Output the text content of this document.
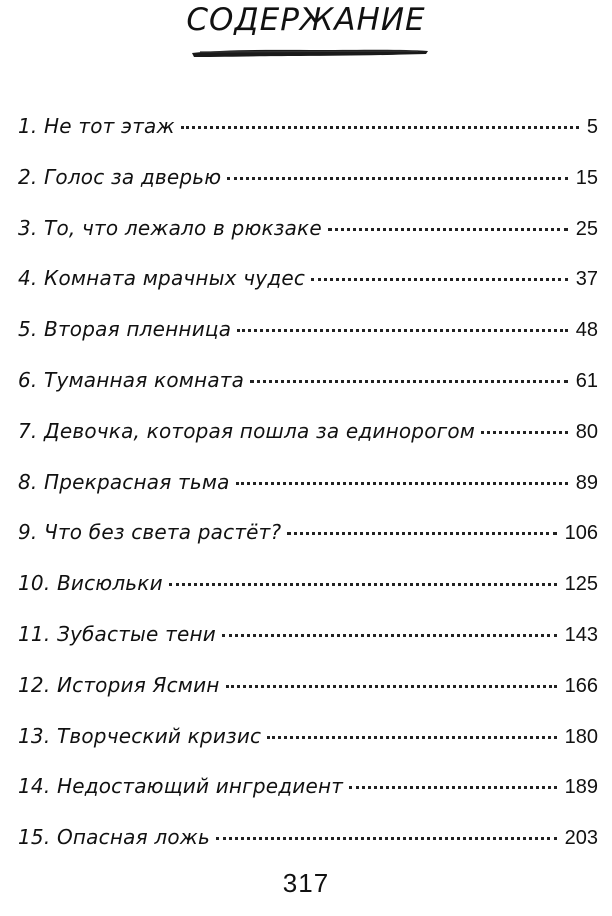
СОДЕРЖАНИЕ
1. Не тот этаж	5
2. Голос за дверью	15
3. То, что лежало в рюкзаке	25
4. Комната мрачных чудес	37
5. Вторая пленница	48
6. Туманная комната	61
7. Девочка, которая пошла за единорогом	80
8. Прекрасная тьма	89
9. Что без света растёт?	106
10. Висюльки	125
11. Зубастые тени	143
12. История Ясмин	166
13. Творческий кризис	180
14. Недостающий ингредиент	189
15. Опасная ложь	203
317
